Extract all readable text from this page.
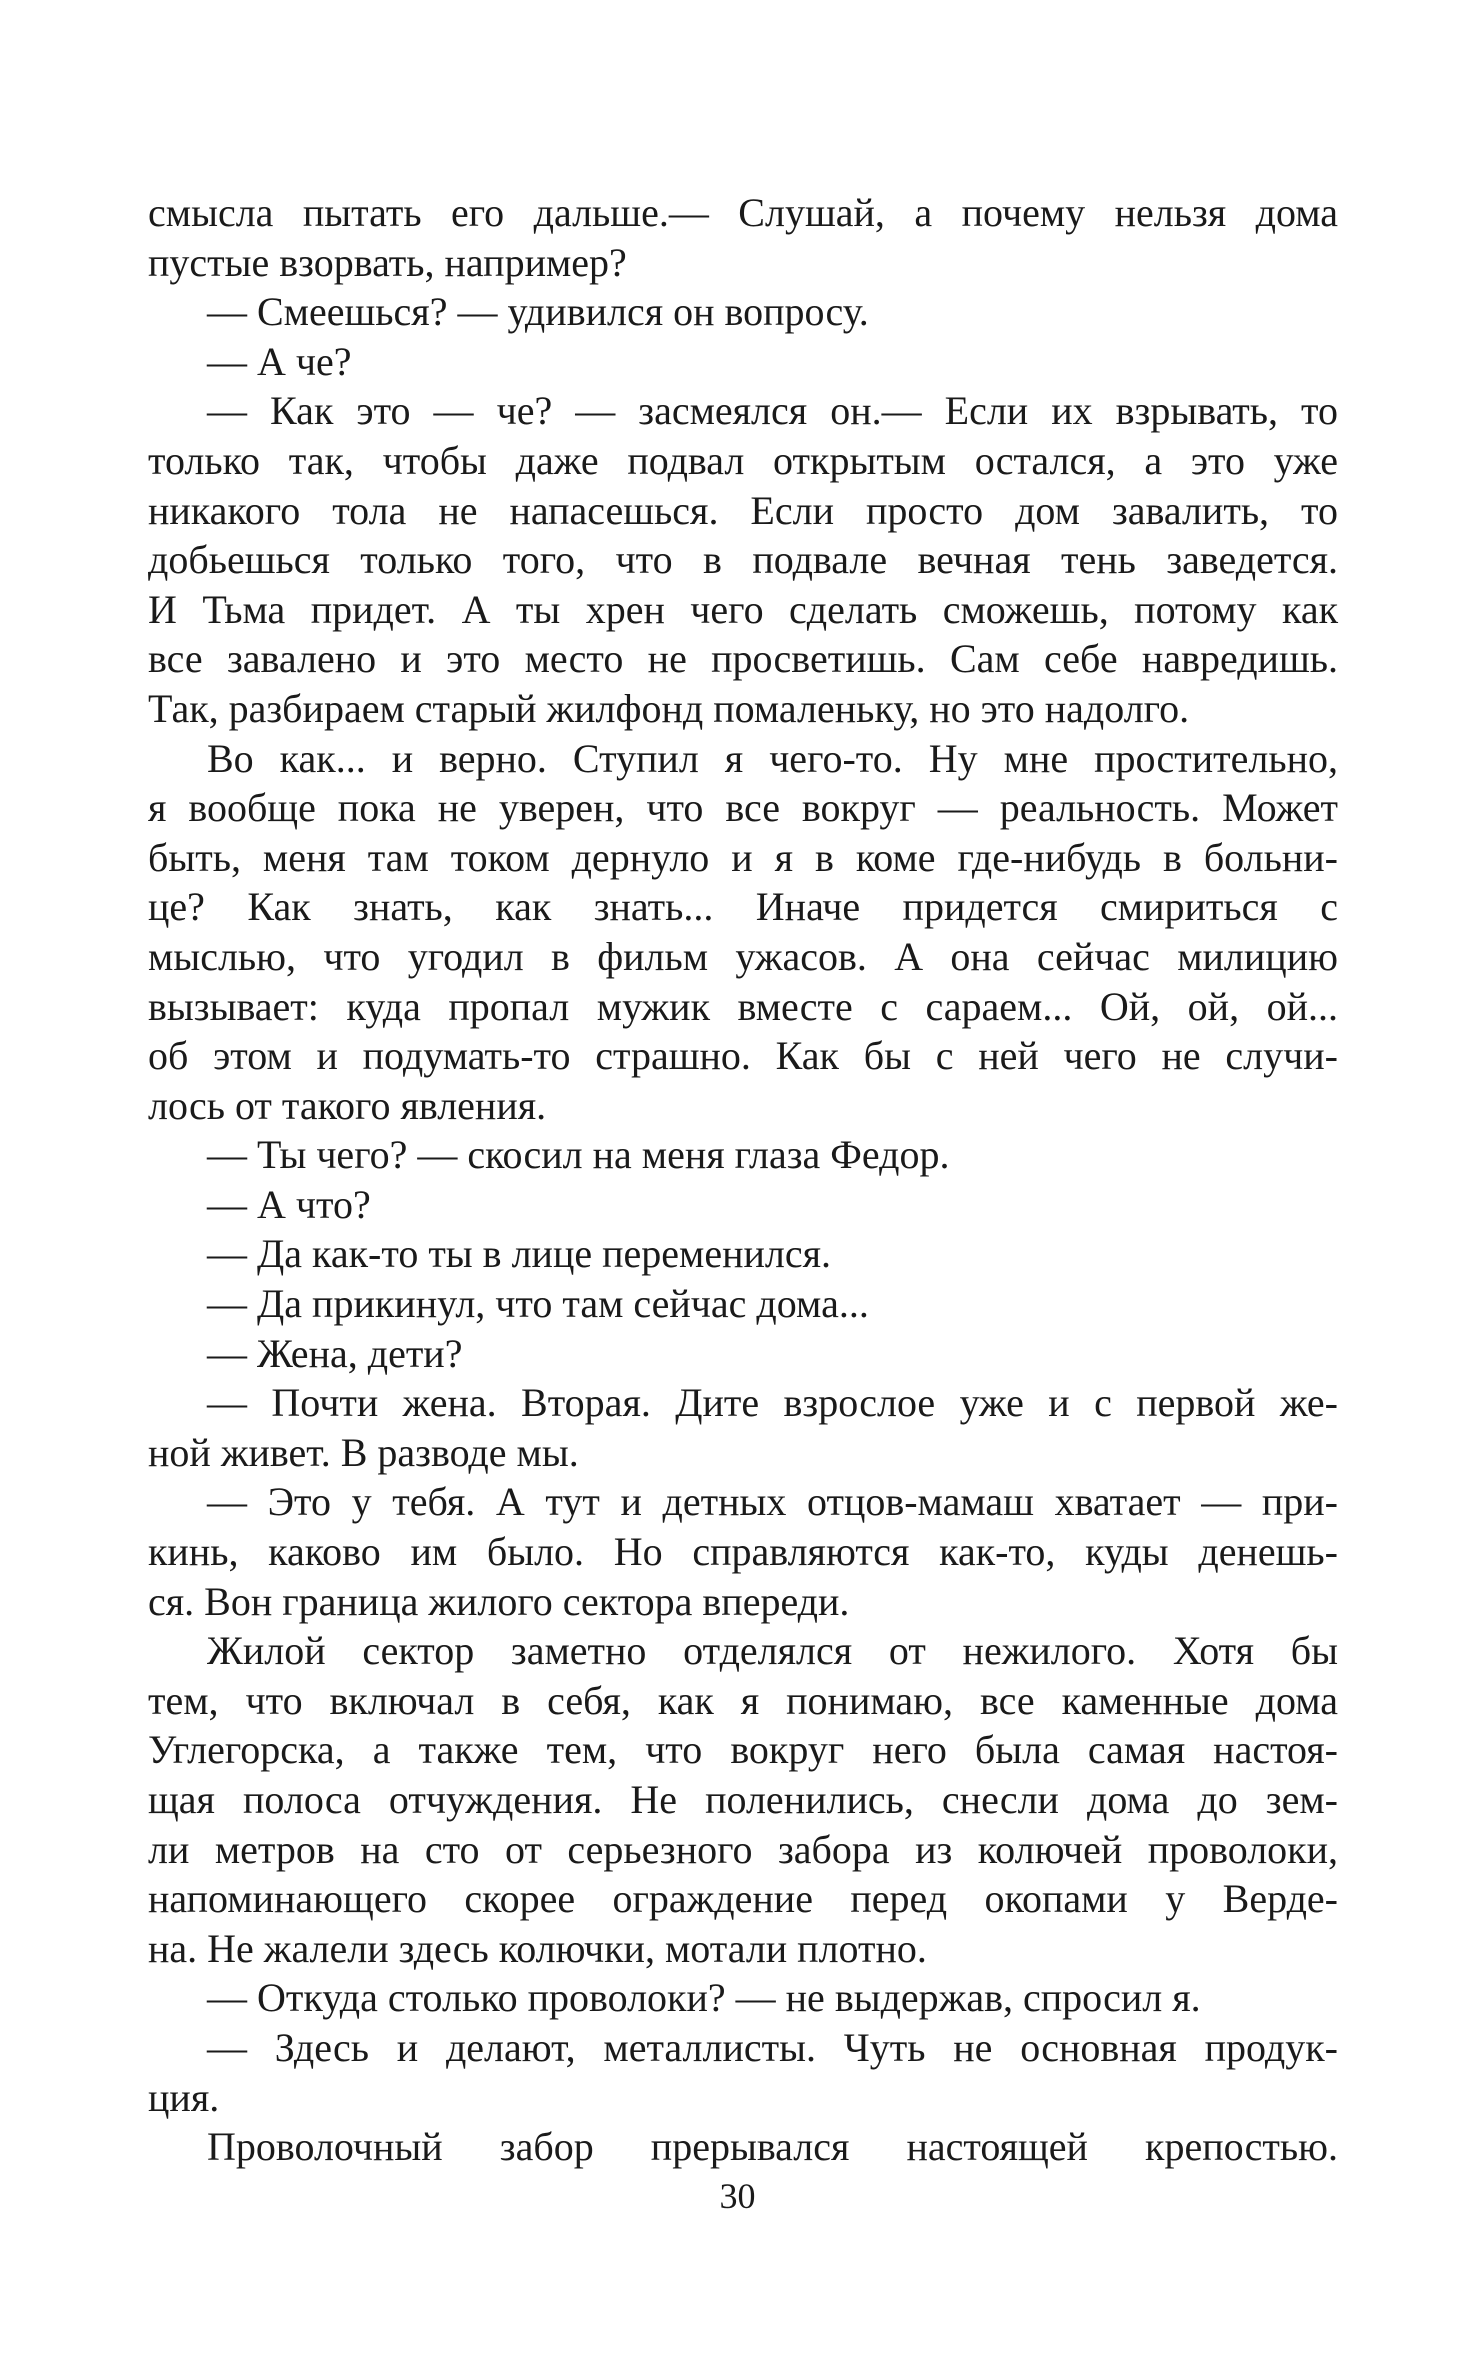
смысла пытать его дальше.— Слушай, а почему нельзя дома
пустые взорвать, например?
— Смеешься? — удивился он вопросу.
— А че?
— Как это — че? — засмеялся он.— Если их взрывать, то
только так, чтобы даже подвал открытым остался, а это уже
никакого тола не напасешься. Если просто дом завалить, то
добьешься только того, что в подвале вечная тень заведется.
И Тьма придет. А ты хрен чего сделать сможешь, потому как
все завалено и это место не просветишь. Сам себе навредишь.
Так, разбираем старый жилфонд помаленьку, но это надолго.
Во как... и верно. Ступил я чего-то. Ну мне простительно,
я вообще пока не уверен, что все вокруг — реальность. Может
быть, меня там током дернуло и я в коме где-нибудь в больни-
це? Как знать, как знать... Иначе придется смириться с
мыслью, что угодил в фильм ужасов. А она сейчас милицию
вызывает: куда пропал мужик вместе с сараем... Ой, ой, ой...
об этом и подумать-то страшно. Как бы с ней чего не случи-
лось от такого явления.
— Ты чего? — скосил на меня глаза Федор.
— А что?
— Да как-то ты в лице переменился.
— Да прикинул, что там сейчас дома...
— Жена, дети?
— Почти жена. Вторая. Дите взрослое уже и с первой же-
ной живет. В разводе мы.
— Это у тебя. А тут и детных отцов-мамаш хватает — при-
кинь, каково им было. Но справляются как-то, куды денешь-
ся. Вон граница жилого сектора впереди.
Жилой сектор заметно отделялся от нежилого. Хотя бы
тем, что включал в себя, как я понимаю, все каменные дома
Углегорска, а также тем, что вокруг него была самая настоя-
щая полоса отчуждения. Не поленились, снесли дома до зем-
ли метров на сто от серьезного забора из колючей проволоки,
напоминающего скорее ограждение перед окопами у Верде-
на. Не жалели здесь колючки, мотали плотно.
— Откуда столько проволоки? — не выдержав, спросил я.
— Здесь и делают, металлисты. Чуть не основная продук-
ция.
Проволочный забор прерывался настоящей крепостью.
30
